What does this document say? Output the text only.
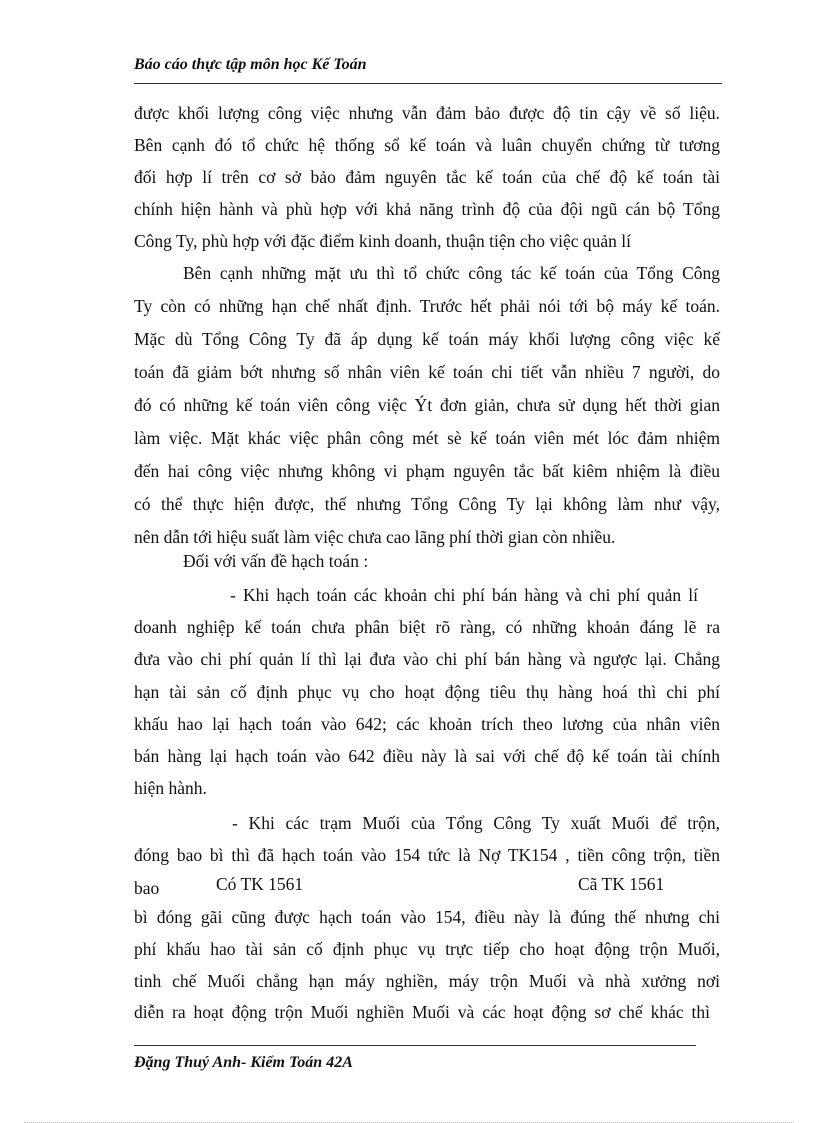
Báo cáo thực tập môn học Kế Toán
được khối lượng công việc nhưng vẫn đảm bảo được độ tin cậy về số liệu.
Bên cạnh đó tổ chức hệ thống sổ kế toán và luân chuyển chứng từ tương
đối hợp lí trên cơ sở bảo đảm nguyên tắc kế toán của chế độ kế toán tài
chính hiện hành và phù hợp với khả năng trình độ của đội ngũ cán bộ Tổng
Công Ty, phù hợp với đặc điểm kinh doanh, thuận tiện cho việc quản lí
Bên cạnh những mặt ưu thì tổ chức công tác kế toán của Tổng Công
Ty còn có những hạn chế nhất định. Trước hết phải nói tới bộ máy kế toán.
Mặc dù Tổng Công Ty đã áp dụng kế toán máy khối lượng công việc kế
toán đã giảm bớt nhưng số nhân viên kế toán chi tiết vẫn nhiều 7 người, do
đó có những kế toán viên công việc Ýt đơn giản, chưa sử dụng hết thời gian
làm việc. Mặt khác việc phân công mét sè kế toán viên mét lóc đảm nhiệm
đến hai công việc nhưng không vi phạm nguyên tắc bất kiêm nhiệm là điều
có thể thực hiện được, thế nhưng Tổng Công Ty lại không làm như vậy,
nên dẫn tới hiệu suất làm việc chưa cao lãng phí thời gian còn nhiều.
Đối với vấn đề hạch toán :
- Khi hạch toán các khoản chi phí bán hàng và chi phí quản lí
doanh nghiệp kế toán chưa phân biệt rõ ràng, có những khoản đáng lẽ ra
đưa vào chi phí quản lí thì lại đưa vào chi phí bán hàng và ngược lại. Chẳng
hạn tài sản cố định phục vụ cho hoạt động tiêu thụ hàng hoá thì chi phí
khấu hao lại hạch toán vào 642; các khoản trích theo lương của nhân viên
bán hàng lại hạch toán vào 642 điều này là sai với chế độ kế toán tài chính
hiện hành.
- Khi các trạm Muối của Tổng Công Ty xuất Muối để trộn,
đóng bao bì thì đã hạch toán vào 154 tức là Nợ TK154 , tiền công trộn, tiền
bao	Có TK 1561	Cã TK 1561
bì đóng gãi cũng được hạch toán vào 154, điều này là đúng thế nhưng chi
phí khấu hao tài sản cố định phục vụ trực tiếp cho hoạt động trộn Muối,
tinh chế Muối chẳng hạn máy nghiền, máy trộn Muối và nhà xưởng nơi
diễn ra hoạt động trộn Muối nghiền Muối và các hoạt động sơ chế khác thì
Đặng Thuý Anh- Kiểm Toán 42A
